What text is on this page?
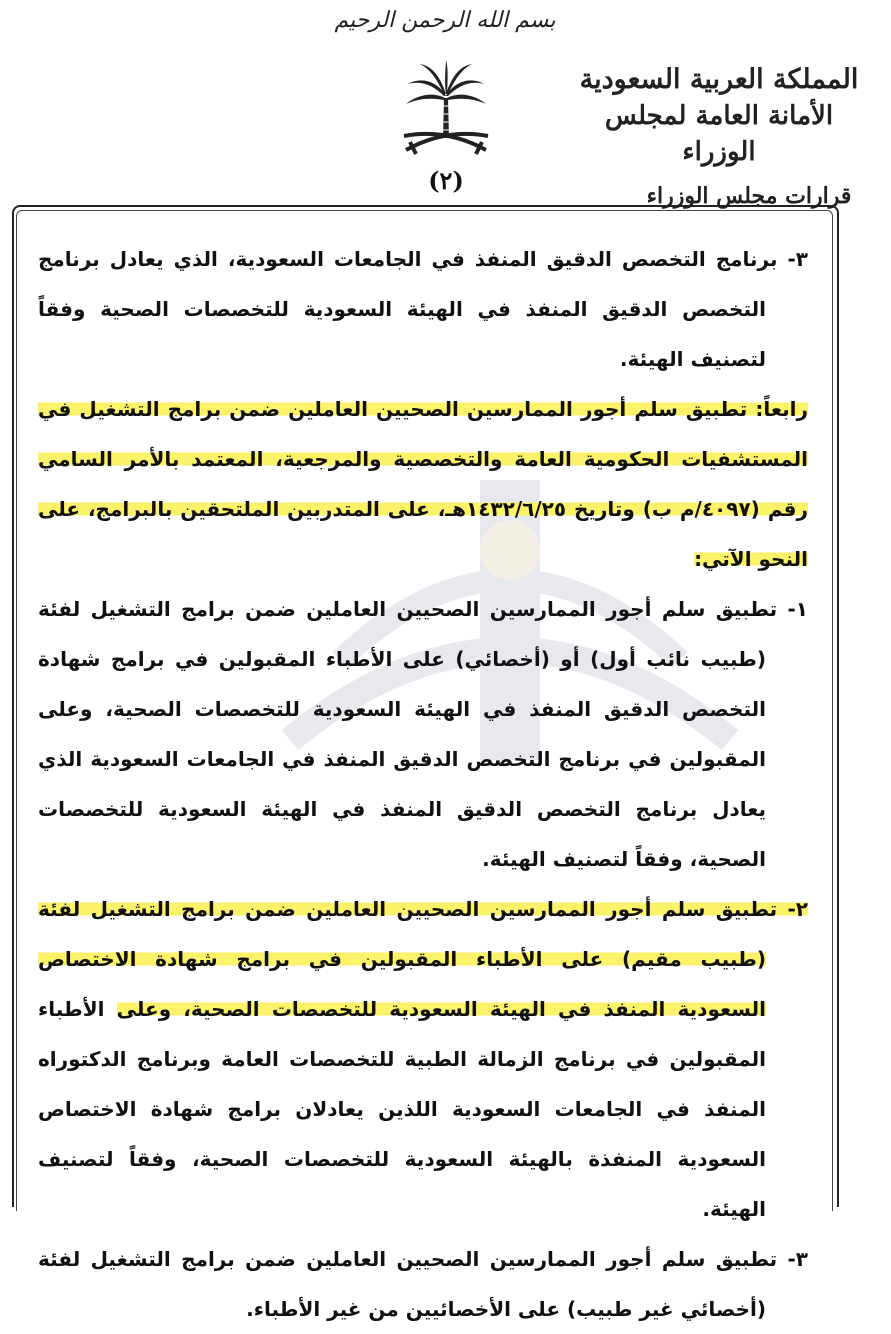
بسم الله الرحمن الرحيم
(٢)
المملكة العربية السعودية
الأمانة العامة لمجلس الوزراء
قرارات مجلس الوزراء

٣- برنامج التخصص الدقيق المنفذ في الجامعات السعودية، الذي يعادل برنامج التخصص الدقيق المنفذ في الهيئة السعودية للتخصصات الصحية وفقاً لتصنيف الهيئة.

رابعاً: تطبيق سلم أجور الممارسين الصحيين العاملين ضمن برامج التشغيل في المستشفيات الحكومية العامة والتخصصية والمرجعية، المعتمد بالأمر السامي رقم (٤٠٩٧/م ب) وتاريخ ١٤٣٢/٦/٢٥هـ، على المتدربين الملتحقين بالبرامج، على النحو الآتي:

١- تطبيق سلم أجور الممارسين الصحيين العاملين ضمن برامج التشغيل لفئة (طبيب نائب أول) أو (أخصائي) على الأطباء المقبولين في برامج شهادة التخصص الدقيق المنفذ في الهيئة السعودية للتخصصات الصحية، وعلى المقبولين في برنامج التخصص الدقيق المنفذ في الجامعات السعودية الذي يعادل برنامج التخصص الدقيق المنفذ في الهيئة السعودية للتخصصات الصحية، وفقاً لتصنيف الهيئة.

٢- تطبيق سلم أجور الممارسين الصحيين العاملين ضمن برامج التشغيل لفئة (طبيب مقيم) على الأطباء المقبولين في برامج شهادة الاختصاص السعودية المنفذ في الهيئة السعودية للتخصصات الصحية، وعلى الأطباء المقبولين في برنامج الزمالة الطبية للتخصصات العامة وبرنامج الدكتوراه المنفذ في الجامعات السعودية اللذين يعادلان برامج شهادة الاختصاص السعودية المنفذة بالهيئة السعودية للتخصصات الصحية، وفقاً لتصنيف الهيئة.

٣- تطبيق سلم أجور الممارسين الصحيين العاملين ضمن برامج التشغيل لفئة (أخصائي غير طبيب) على الأخصائيين من غير الأطباء.
